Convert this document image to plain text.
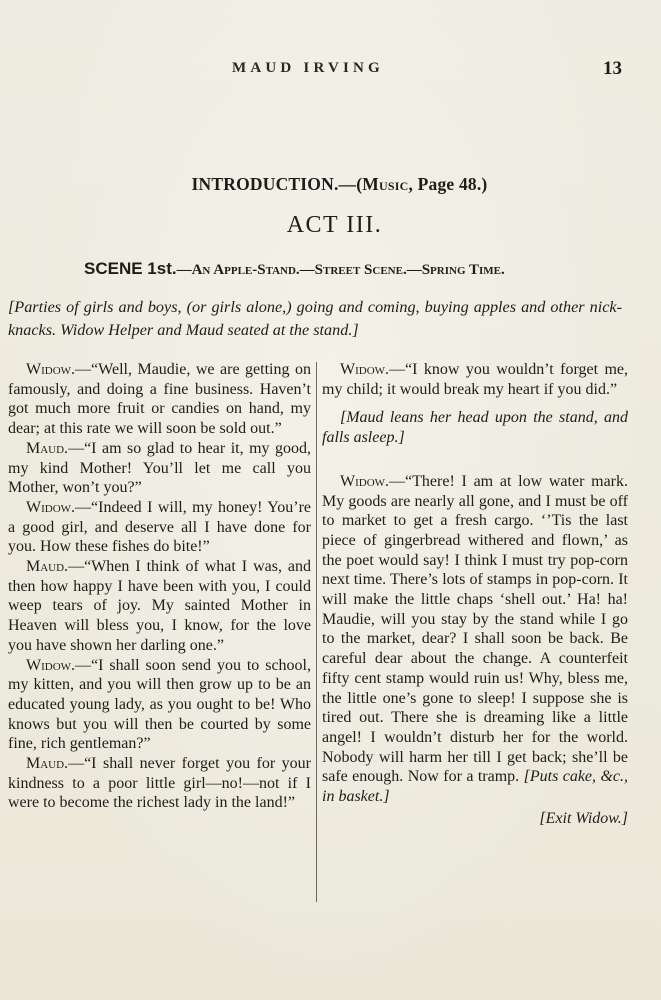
MAUD IRVING	13
INTRODUCTION.—(Music, Page 48.)
ACT III.
SCENE 1st.—An Apple-Stand.—Street Scene.—Spring Time.
[Parties of girls and boys, (or girls alone,) going and coming, buying apples and other nick-knacks. Widow Helper and Maud seated at the stand.]

Widow.—“Well, Maudie, we are getting on famously, and doing a fine business. Haven’t got much more fruit or candies on hand, my dear; at this rate we will soon be sold out.”

Maud.—“I am so glad to hear it, my good, my kind Mother! You’ll let me call you Mother, won’t you?”

Widow.—“Indeed I will, my honey! You’re a good girl, and deserve all I have done for you. How these fishes do bite!”

Maud.—“When I think of what I was, and then how happy I have been with you, I could weep tears of joy. My sainted Mother in Heaven will bless you, I know, for the love you have shown her darling one.”

Widow.—“I shall soon send you to school, my kitten, and you will then grow up to be an educated young lady, as you ought to be! Who knows but you will then be courted by some fine, rich gentleman?”

Maud.—“I shall never forget you for your kindness to a poor little girl—no!—not if I were to become the richest lady in the land!”

Widow.—“I know you wouldn’t forget me, my child; it would break my heart if you did.”

[Maud leans her head upon the stand, and falls asleep.]

Widow.—“There! I am at low water mark. My goods are nearly all gone, and I must be off to market to get a fresh cargo. ‘’Tis the last piece of gingerbread withered and flown,’ as the poet would say! I think I must try pop-corn next time. There’s lots of stamps in pop-corn. It will make the little chaps ‘shell out.’ Ha! ha! Maudie, will you stay by the stand while I go to the market, dear? I shall soon be back. Be careful dear about the change. A counterfeit fifty cent stamp would ruin us! Why, bless me, the little one’s gone to sleep! I suppose she is tired out. There she is dreaming like a little angel! I wouldn’t disturb her for the world. Nobody will harm her till I get back; she’ll be safe enough. Now for a tramp. [Puts cake, &c., in basket.]

[Exit Widow.]
